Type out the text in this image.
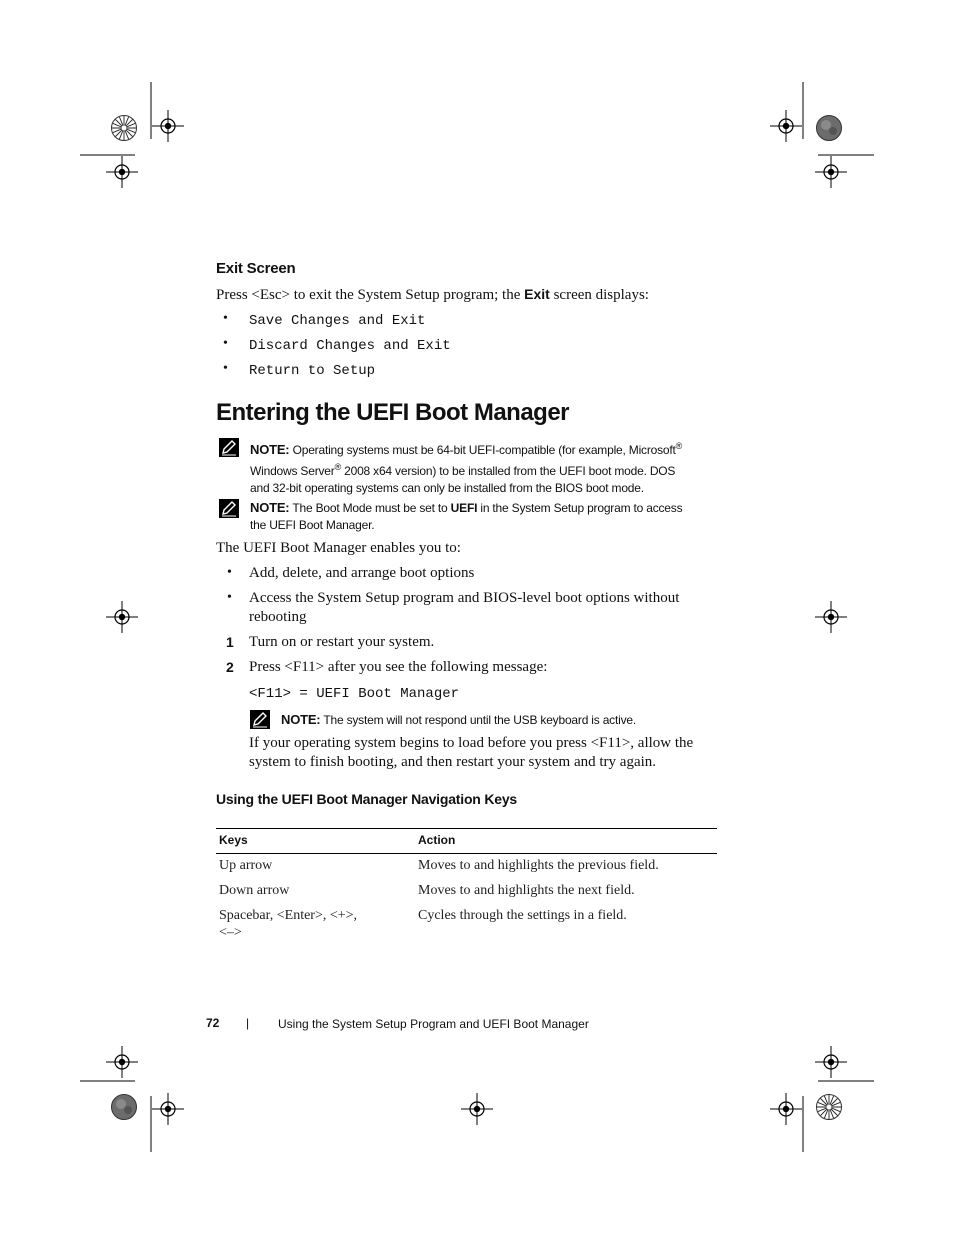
Exit Screen
Press <Esc> to exit the System Setup program; the Exit screen displays:
• Save Changes and Exit
• Discard Changes and Exit
• Return to Setup
Entering the UEFI Boot Manager
NOTE: Operating systems must be 64-bit UEFI-compatible (for example, Microsoft®
Windows Server® 2008 x64 version) to be installed from the UEFI boot mode. DOS
and 32-bit operating systems can only be installed from the BIOS boot mode.
NOTE: The Boot Mode must be set to UEFI in the System Setup program to access
the UEFI Boot Manager.
The UEFI Boot Manager enables you to:
• Add, delete, and arrange boot options
• Access the System Setup program and BIOS-level boot options without
rebooting
1 Turn on or restart your system.
2 Press <F11> after you see the following message:
<F11> = UEFI Boot Manager
NOTE: The system will not respond until the USB keyboard is active.
If your operating system begins to load before you press <F11>, allow the
system to finish booting, and then restart your system and try again.
Using the UEFI Boot Manager Navigation Keys
Keys	Action
Up arrow	Moves to and highlights the previous field.
Down arrow	Moves to and highlights the next field.
Spacebar, <Enter>, <+>,
<–>	Cycles through the settings in a field.
72 | Using the System Setup Program and UEFI Boot Manager
